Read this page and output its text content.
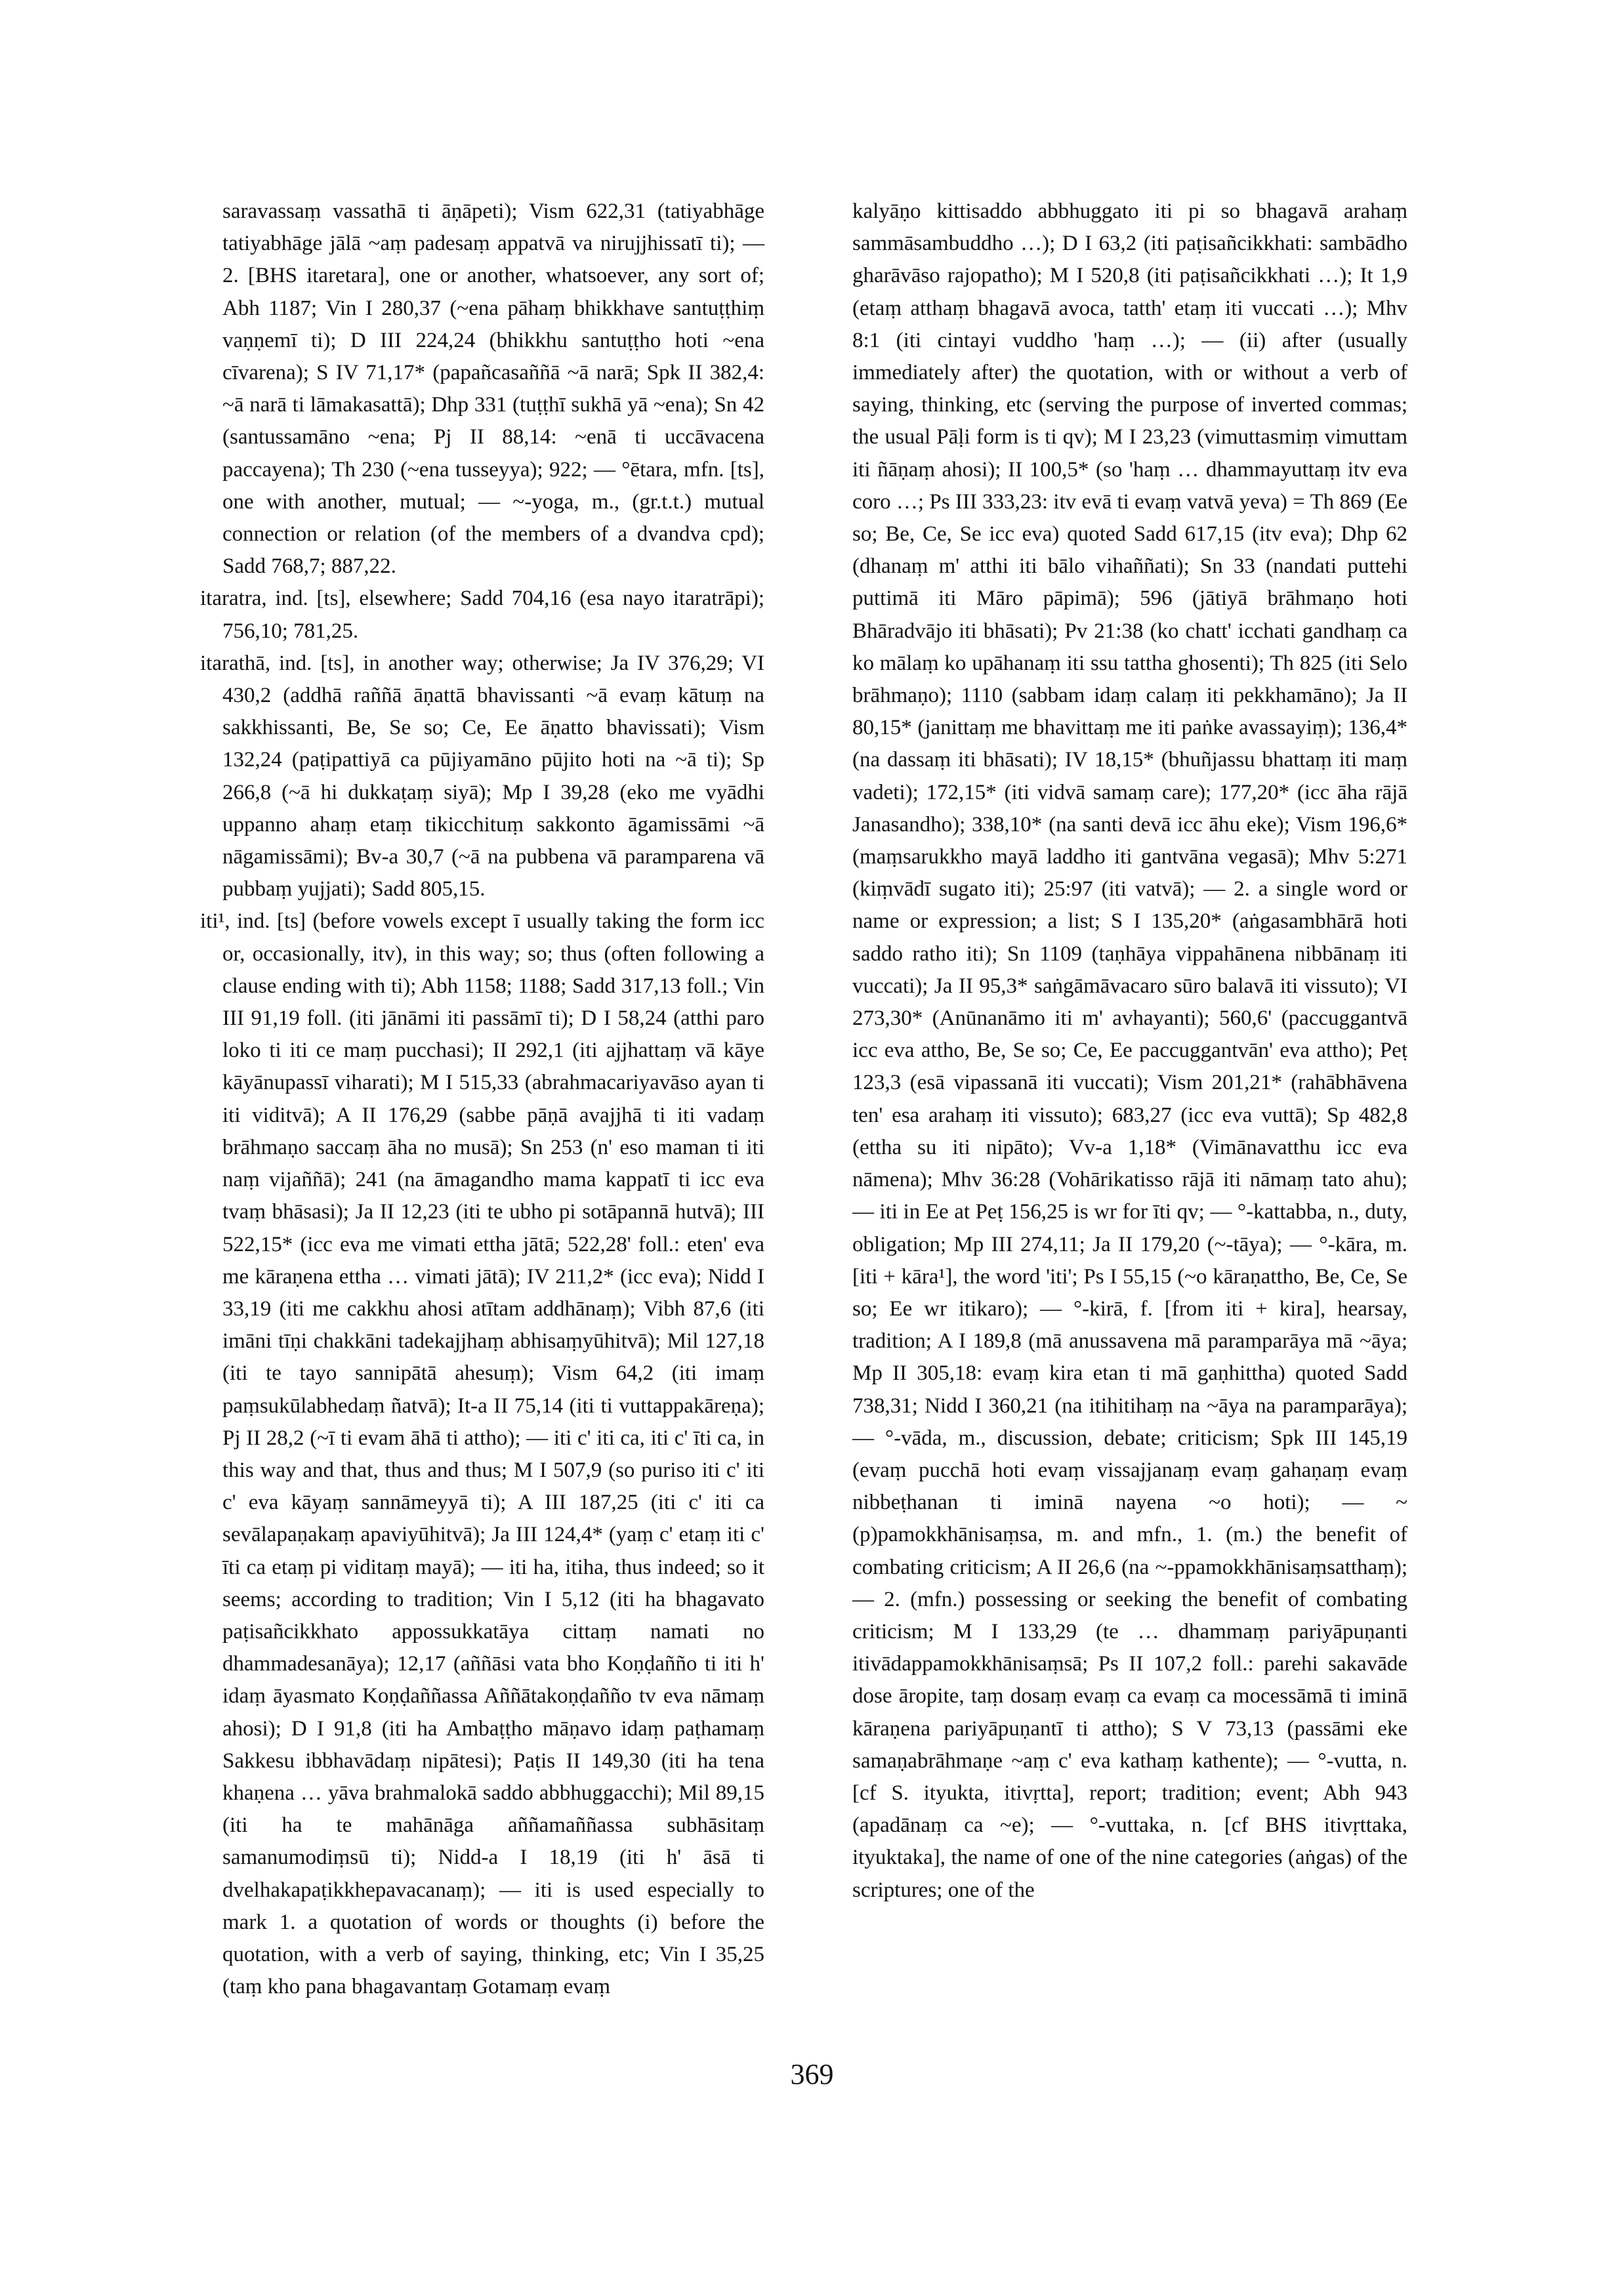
saravassaṃ vassathā ti āṇāpeti); Vism 622,31 (tatiyabhāge tatiyabhāge jālā ~aṃ padesaṃ appatvā va nirujjhissatī ti); — 2. [BHS itaretara], one or another, whatsoever, any sort of; Abh 1187; Vin I 280,37 (~ena pāhaṃ bhikkhave santuṭṭhiṃ vaṇṇemī ti); D III 224,24 (bhikkhu santuṭṭho hoti ~ena cīvarena); S IV 71,17* (papañcasaññā ~ā narā; Spk II 382,4: ~ā narā ti lāmakasattā); Dhp 331 (tuṭṭhī sukhā yā ~ena); Sn 42 (santussamāno ~ena; Pj II 88,14: ~enā ti uccāvacena paccayena); Th 230 (~ena tusseyya); 922; — °ētara, mfn. [ts], one with another, mutual; — ~-yoga, m., (gr.t.t.) mutual connection or relation (of the members of a dvandva cpd); Sadd 768,7; 887,22.

itaratra, ind. [ts], elsewhere; Sadd 704,16 (esa nayo itaratrāpi); 756,10; 781,25.

itarathā, ind. [ts], in another way; otherwise; Ja IV 376,29; VI 430,2 (addhā raññā āṇattā bhavissanti ~ā evaṃ kātuṃ na sakkhissanti, Be, Se so; Ce, Ee āṇatto bhavissati); Vism 132,24 (paṭipattiyā ca pūjiyamāno pūjito hoti na ~ā ti); Sp 266,8 (~ā hi dukkaṭaṃ siyā); Mp I 39,28 (eko me vyādhi uppanno ahaṃ etaṃ tikicchituṃ sakkonto āgamissāmi ~ā nāgamissāmi); Bv-a 30,7 (~ā na pubbena vā paramparena vā pubbaṃ yujjati); Sadd 805,15.

iti¹, ind. [ts] (before vowels except ī usually taking the form icc or, occasionally, itv), in this way; so; thus (often following a clause ending with ti); Abh 1158; 1188; Sadd 317,13 foll.; Vin III 91,19 foll. (iti jānāmi iti passāmī ti); D I 58,24 (atthi paro loko ti iti ce maṃ pucchasi); II 292,1 (iti ajjhattaṃ vā kāye kāyānupassī viharati); M I 515,33 (abrahmacariyavāso ayan ti iti viditvā); A II 176,29 (sabbe pāṇā avajjhā ti iti vadaṃ brāhmaṇo saccaṃ āha no musā); Sn 253 (n' eso maman ti iti naṃ vijaññā); 241 (na āmagandho mama kappatī ti icc eva tvaṃ bhāsasi); Ja II 12,23 (iti te ubho pi sotāpannā hutvā); III 522,15* (icc eva me vimati ettha jātā; 522,28' foll.: eten' eva me kāraṇena ettha … vimati jātā); IV 211,2* (icc eva); Nidd I 33,19 (iti me cakkhu ahosi atītam addhānaṃ); Vibh 87,6 (iti imāni tīṇi chakkāni tadekajjhaṃ abhisaṃyūhitvā); Mil 127,18 (iti te tayo sannipātā ahesuṃ); Vism 64,2 (iti imaṃ paṃsukūlabhedaṃ ñatvā); It-a II 75,14 (iti ti vuttappakāreṇa); Pj II 28,2 (~ī ti evam āhā ti attho); — iti c' iti ca, iti c' īti ca, in this way and that, thus and thus; M I 507,9 (so puriso iti c' iti c' eva kāyaṃ sannāmeyyā ti); A III 187,25 (iti c' iti ca sevālapaṇakaṃ apaviyūhitvā); Ja III 124,4* (yaṃ c' etaṃ iti c' īti ca etaṃ pi viditaṃ mayā); — iti ha, itiha, thus indeed; so it seems; according to tradition; Vin I 5,12 (iti ha bhagavato paṭisañcikkhato appossukkatāya cittaṃ namati no dhammadesanāya); 12,17 (aññāsi vata bho Koṇḍañño ti iti h' idaṃ āyasmato Koṇḍaññassa Aññātakoṇḍañño tv eva nāmaṃ ahosi); D I 91,8 (iti ha Ambaṭṭho māṇavo idaṃ paṭhamaṃ Sakkesu ibbhavādaṃ nipātesi); Paṭis II 149,30 (iti ha tena khaṇena … yāva brahmalokā saddo abbhuggacchi); Mil 89,15 (iti ha te mahānāga aññamaññassa subhāsitaṃ samanumodiṃsū ti); Nidd-a I 18,19 (iti h' āsā ti dvelhakapaṭikkhepavacanaṃ); — iti is used especially to mark 1. a quotation of words or thoughts (i) before the quotation, with a verb of saying, thinking, etc; Vin I 35,25 (taṃ kho pana bhagavantaṃ Gotamaṃ evaṃ

kalyāṇo kittisaddo abbhuggato iti pi so bhagavā arahaṃ sammāsambuddho …); D I 63,2 (iti paṭisañcikkhati: sambādho gharāvāso rajopatho); M I 520,8 (iti paṭisañcikkhati …); It 1,9 (etaṃ atthaṃ bhagavā avoca, tatth' etaṃ iti vuccati …); Mhv 8:1 (iti cintayi vuddho 'haṃ …); — (ii) after (usually immediately after) the quotation, with or without a verb of saying, thinking, etc (serving the purpose of inverted commas; the usual Pāḷi form is ti qv); M I 23,23 (vimuttasmiṃ vimuttam iti ñāṇaṃ ahosi); II 100,5* (so 'haṃ … dhammayuttaṃ itv eva coro …; Ps III 333,23: itv evā ti evaṃ vatvā yeva) = Th 869 (Ee so; Be, Ce, Se icc eva) quoted Sadd 617,15 (itv eva); Dhp 62 (dhanaṃ m' atthi iti bālo vihaññati); Sn 33 (nandati puttehi puttimā iti Māro pāpimā); 596 (jātiyā brāhmaṇo hoti Bhāradvājo iti bhāsati); Pv 21:38 (ko chatt' icchati gandhaṃ ca ko mālaṃ ko upāhanaṃ iti ssu tattha ghosenti); Th 825 (iti Selo brāhmaṇo); 1110 (sabbam idaṃ calaṃ iti pekkhamāno); Ja II 80,15* (janittaṃ me bhavittaṃ me iti paṅke avassayiṃ); 136,4* (na dassaṃ iti bhāsati); IV 18,15* (bhuñjassu bhattaṃ iti maṃ vadeti); 172,15* (iti vidvā samaṃ care); 177,20* (icc āha rājā Janasandho); 338,10* (na santi devā icc āhu eke); Vism 196,6* (maṃsarukkho mayā laddho iti gantvāna vegasā); Mhv 5:271 (kiṃvādī sugato iti); 25:97 (iti vatvā); — 2. a single word or name or expression; a list; S I 135,20* (aṅgasambhārā hoti saddo ratho iti); Sn 1109 (taṇhāya vippahānena nibbānaṃ iti vuccati); Ja II 95,3* saṅgāmāvacaro sūro balavā iti vissuto); VI 273,30* (Anūnanāmo iti m' avhayanti); 560,6' (paccuggantvā icc eva attho, Be, Se so; Ce, Ee paccuggantvān' eva attho); Peṭ 123,3 (esā vipassanā iti vuccati); Vism 201,21* (rahābhāvena ten' esa arahaṃ iti vissuto); 683,27 (icc eva vuttā); Sp 482,8 (ettha su iti nipāto); Vv-a 1,18* (Vimānavatthu icc eva nāmena); Mhv 36:28 (Vohārikatisso rājā iti nāmaṃ tato ahu); — iti in Ee at Peṭ 156,25 is wr for īti qv; — °-kattabba, n., duty, obligation; Mp III 274,11; Ja II 179,20 (~-tāya); — °-kāra, m. [iti + kāra¹], the word 'iti'; Ps I 55,15 (~o kāraṇattho, Be, Ce, Se so; Ee wr itikaro); — °-kirā, f. [from iti + kira], hearsay, tradition; A I 189,8 (mā anussavena mā paramparāya mā ~āya; Mp II 305,18: evaṃ kira etan ti mā gaṇhittha) quoted Sadd 738,31; Nidd I 360,21 (na itihitihaṃ na ~āya na paramparāya); — °-vāda, m., discussion, debate; criticism; Spk III 145,19 (evaṃ pucchā hoti evaṃ vissajjanaṃ evaṃ gahaṇaṃ evaṃ nibbeṭhanan ti iminā nayena ~o hoti); — ~(p)pamokkhānisaṃsa, m. and mfn., 1. (m.) the benefit of combating criticism; A II 26,6 (na ~-ppamokkhānisaṃsatthaṃ); — 2. (mfn.) possessing or seeking the benefit of combating criticism; M I 133,29 (te … dhammaṃ pariyāpuṇanti itivādappamokkhānisaṃsā; Ps II 107,2 foll.: parehi sakavāde dose āropite, taṃ dosaṃ evaṃ ca evaṃ ca mocessāmā ti iminā kāraṇena pariyāpuṇantī ti attho); S V 73,13 (passāmi eke samaṇabrāhmaṇe ~aṃ c' eva kathaṃ kathente); — °-vutta, n. [cf S. ityukta, itivṛtta], report; tradition; event; Abh 943 (apadānaṃ ca ~e); — °-vuttaka, n. [cf BHS itivṛttaka, ityuktaka], the name of one of the nine categories (aṅgas) of the scriptures; one of the

369
